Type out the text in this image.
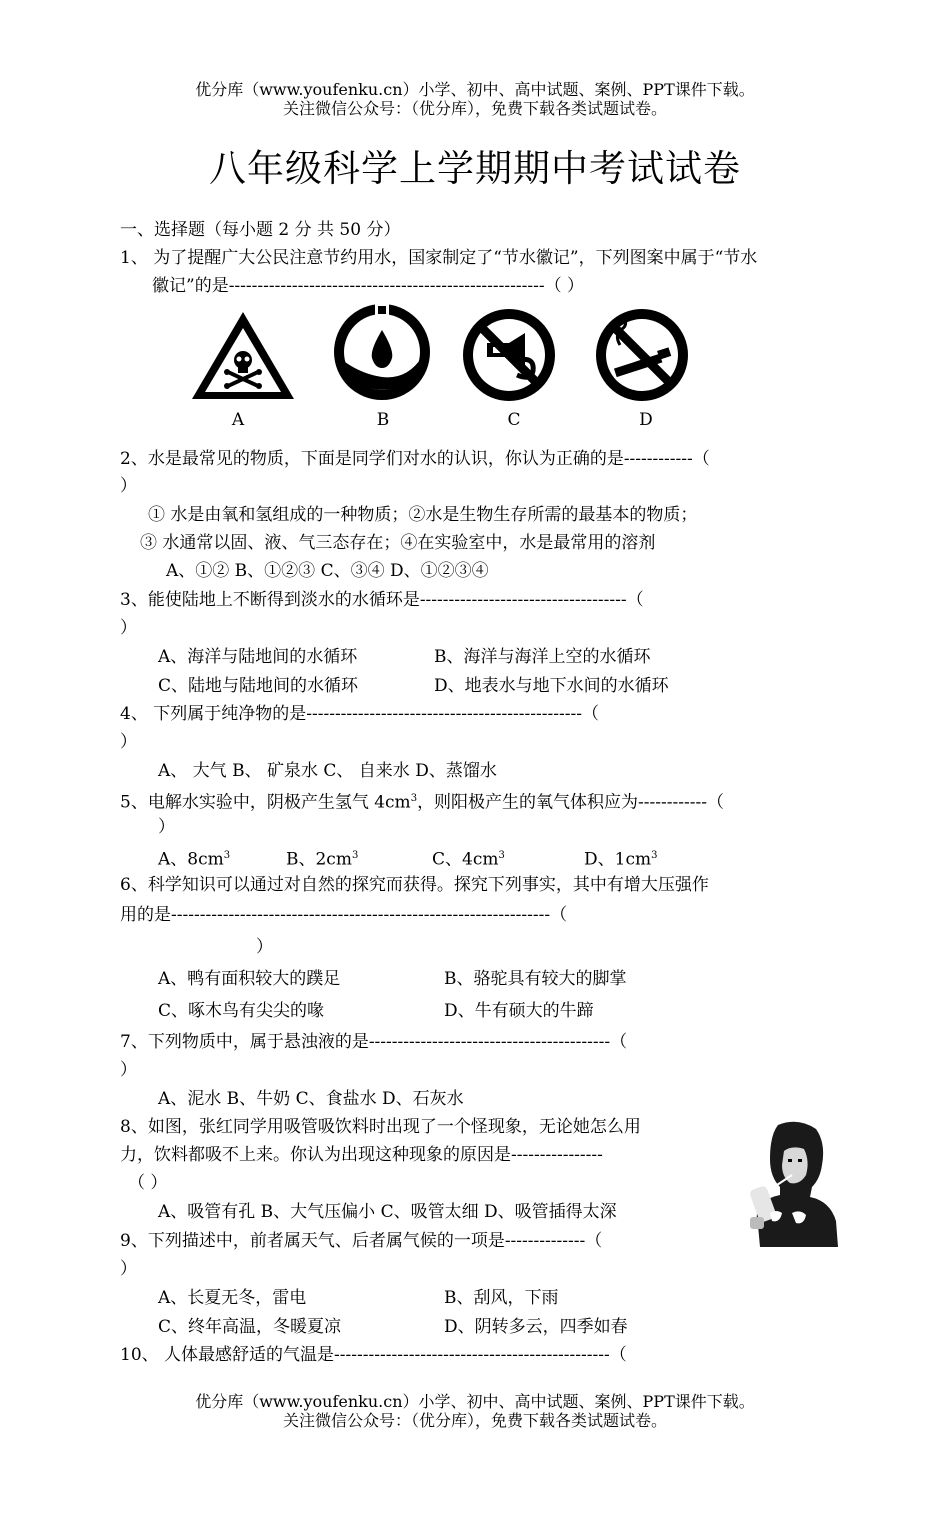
优分库（www.youfenku.cn）小学、初中、高中试题、案例、PPT课件下载。
关注微信公众号：（优分库），免费下载各类试题试卷。
八年级科学上学期期中考试试卷
一、选择题（每小题 2 分 共 50 分）
1、 为了提醒广大公民注意节约用水，国家制定了“节水徽记”，下列图案中属于“节水
徽记”的是-------------------------------------------------------（ ）
A	B	C	D
2、水是最常见的物质，下面是同学们对水的认识，你认为正确的是------------（
）
① 水是由氧和氢组成的一种物质；②水是生物生存所需的最基本的物质；
③ 水通常以固、液、气三态存在；④在实验室中，水是最常用的溶剂
A、①② B、①②③ C、③④ D、①②③④
3、能使陆地上不断得到淡水的水循环是------------------------------------（
）
A、海洋与陆地间的水循环	B、海洋与海洋上空的水循环
C、陆地与陆地间的水循环	D、地表水与地下水间的水循环
4、 下列属于纯净物的是------------------------------------------------（
）
A、 大气 B、 矿泉水 C、 自来水 D、蒸馏水
5、电解水实验中，阴极产生氢气 $4cm^3$，则阳极产生的氧气体积应为------------（
）
A、$8cm^3$	B、$2cm^3$	C、$4cm^3$	D、$1cm^3$
6、科学知识可以通过对自然的探究而获得。探究下列事实，其中有增大压强作
用的是------------------------------------------------------------------（
）
A、鸭有面积较大的蹼足	B、骆驼具有较大的脚掌
C、啄木鸟有尖尖的喙	D、牛有硕大的牛蹄
7、下列物质中，属于悬浊液的是------------------------------------------（
）
A、泥水 B、牛奶 C、食盐水 D、石灰水
8、如图，张红同学用吸管吸饮料时出现了一个怪现象，无论她怎么用
力，饮料都吸不上来。你认为出现这种现象的原因是----------------
（ ）
A、吸管有孔 B、大气压偏小 C、吸管太细 D、吸管插得太深
9、下列描述中，前者属天气、后者属气候的一项是--------------（
）
A、长夏无冬，雷电	B、刮风，下雨
C、终年高温，冬暖夏凉	D、阴转多云，四季如春
10、 人体最感舒适的气温是------------------------------------------------（
优分库（www.youfenku.cn）小学、初中、高中试题、案例、PPT课件下载。
关注微信公众号：（优分库），免费下载各类试题试卷。
